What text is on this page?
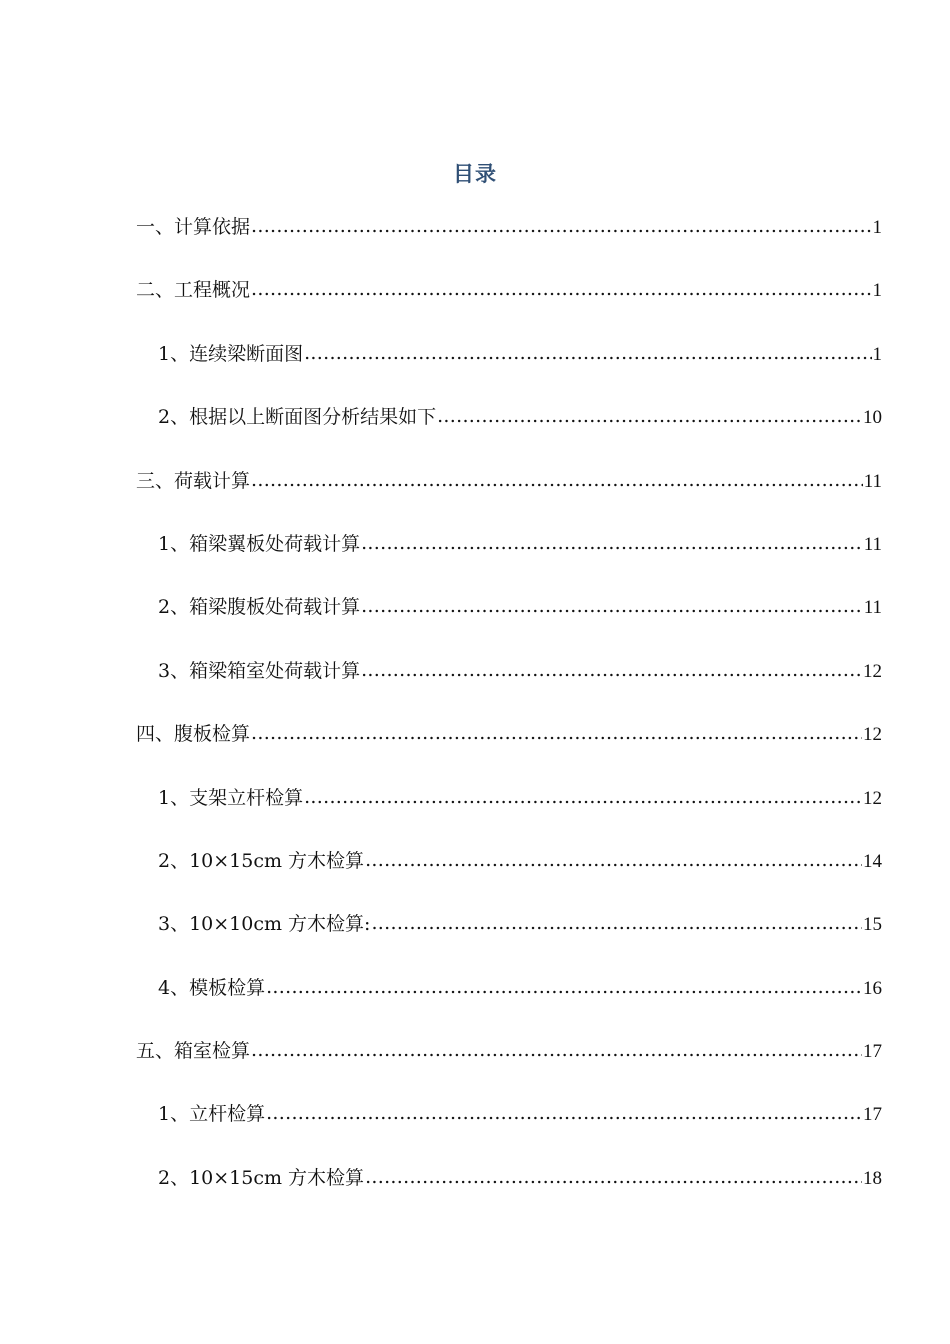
目录
一、计算依据 .....	1
二、工程概况 .....	1
1、连续梁断面图 .....	1
2、根据以上断面图分析结果如下 .....	10
三、荷载计算 .....	11
1、箱梁翼板处荷载计算 .....	11
2、箱梁腹板处荷载计算 .....	11
3、箱梁箱室处荷载计算 .....	12
四、腹板检算 .....	12
1、支架立杆检算 .....	12
2、10×15cm 方木检算 .....	14
3、10×10cm 方木检算: .....	15
4、模板检算 .....	16
五、箱室检算 .....	17
1、立杆检算 .....	17
2、10×15cm 方木检算 .....	18
